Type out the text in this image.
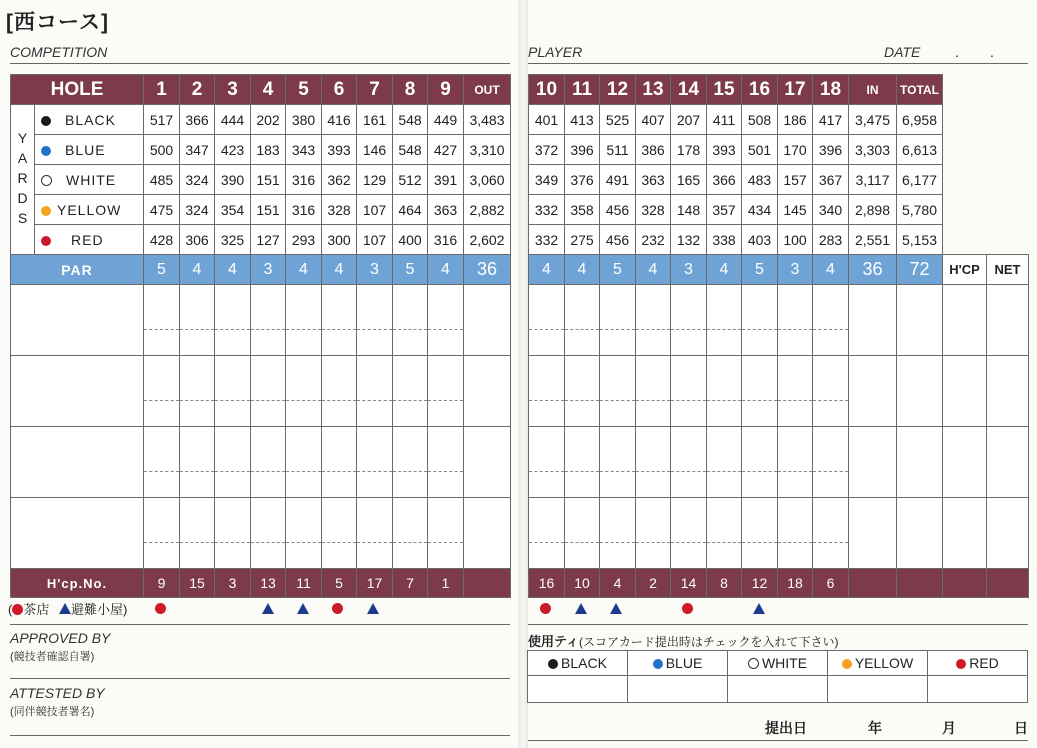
[西コース]
COMPETITION	PLAYER	DATE . .
HOLE		1	2	3	4	5	6	7	8	9	OUT
YARDS	BLACK	517	366	444	202	380	416	161	548	449	3,483
	BLUE	500	347	423	183	343	393	146	548	427	3,310
	WHITE	485	324	390	151	316	362	129	512	391	3,060
	YELLOW	475	324	354	151	316	328	107	464	363	2,882
	RED	428	306	325	127	293	300	107	400	316	2,602
PAR		5	4	4	3	4	4	3	5	4	36

H'cp.No.		9	15	3	13	11	5	17	7	1	
10	11	12	13	14	15	16	17	18	IN	TOTAL		
401	413	525	407	207	411	508	186	417	3,475	6,958		
372	396	511	386	178	393	501	170	396	3,303	6,613		
349	376	491	363	165	366	483	157	367	3,117	6,177		
332	358	456	328	148	357	434	145	340	2,898	5,780		
332	275	456	232	132	338	403	100	283	2,551	5,153		
4	4	5	4	3	4	5	3	4	36	72	H'CP	NET

16	10	4	2	14	8	12	18	6				
( 茶店 避難小屋)
APPROVED BY
(競技者確認自署)
ATTESTED BY
(同伴競技者署名)
使用ティ(スコアカード提出時はチェックを入れて下さい)
BLACK	BLUE	WHITE	YELLOW	RED

提出日	年	月	日
